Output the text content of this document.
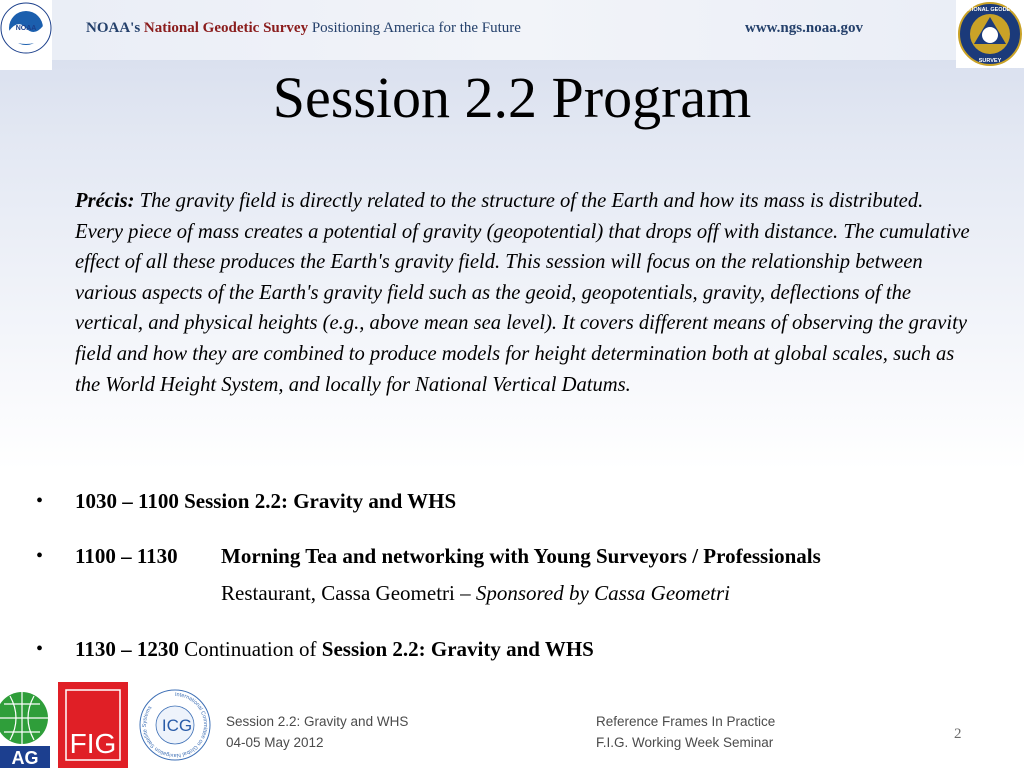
NOAA	NOAA's National Geodetic Survey Positioning America for the Future	www.ngs.noaa.gov
NATIONAL GEODETIC
SURVEY
Session 2.2 Program
Précis: The gravity field is directly related to the structure of the Earth and how its mass is distributed. Every piece of mass creates a potential of gravity (geopotential) that drops off with distance. The cumulative effect of all these produces the Earth's gravity field. This session will focus on the relationship between various aspects of the Earth's gravity field such as the geoid, geopotentials, gravity, deflections of the vertical, and physical heights (e.g., above mean sea level). It covers different means of observing the gravity field and how they are combined to produce models for height determination both at global scales, such as the World Height System, and locally for National Vertical Datums.
• 1030 – 1100 Session 2.2: Gravity and WHS
• 1100 – 1130 Morning Tea and networking with Young Surveyors / Professionals
Restaurant, Cassa Geometri – Sponsored by Cassa Geometri
• 1130 – 1230 Continuation of Session 2.2: Gravity and WHS
AG FIG
International Committee on Global Navigation Satellite Systems
ICG	Session 2.2: Gravity and WHS
04-05 May 2012
Reference Frames In Practice
F.I.G. Working Week Seminar
2
